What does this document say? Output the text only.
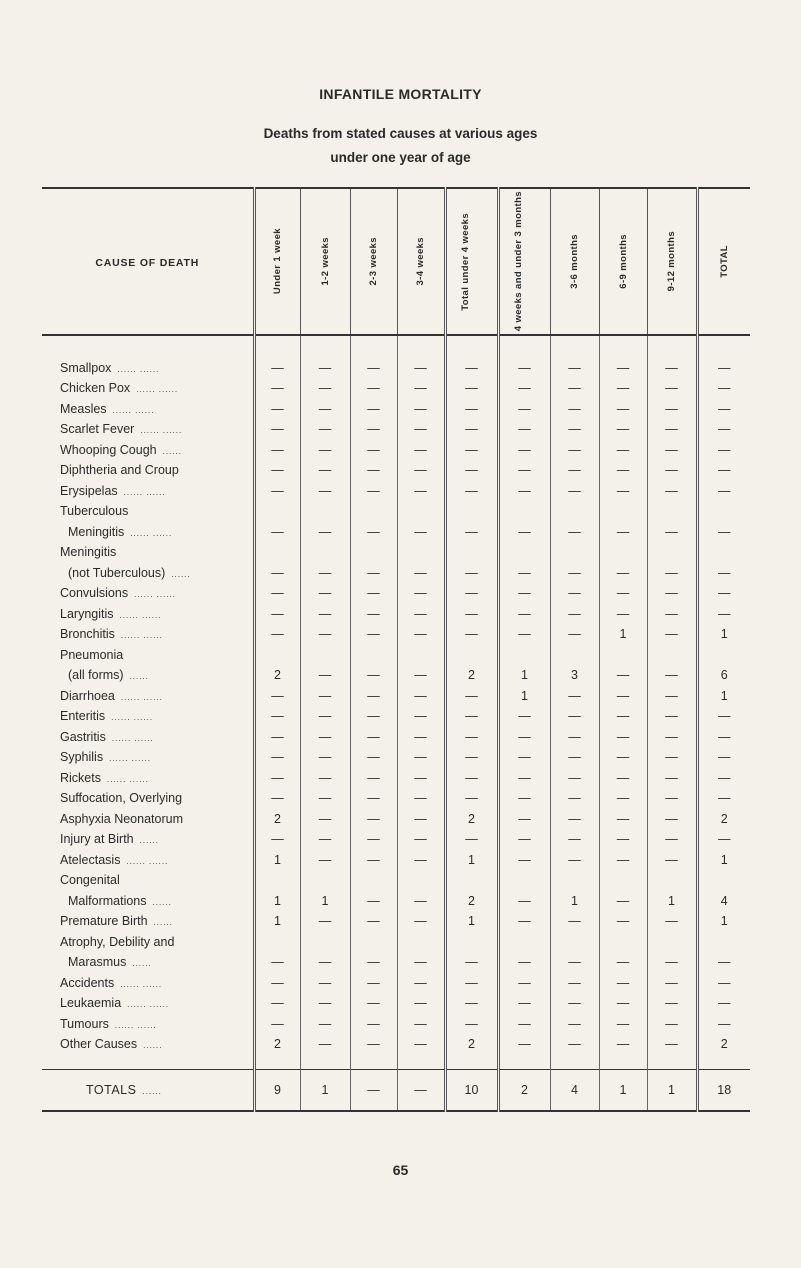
INFANTILE MORTALITY
Deaths from stated causes at various ages
under one year of age
CAUSE OF DEATH	Under 1 week	1-2 weeks	2-3 weeks	3-4 weeks	Total under 4 weeks	4 weeks and under 3 months	3-6 months	6-9 months	9-12 months	TOTAL

Smallpox ...... ......	—	—	—	—	—	—	—	—	—	—
Chicken Pox ...... ......	—	—	—	—	—	—	—	—	—	—
Measles ...... ......	—	—	—	—	—	—	—	—	—	—
Scarlet Fever ...... ......	—	—	—	—	—	—	—	—	—	—
Whooping Cough ......	—	—	—	—	—	—	—	—	—	—
Diphtheria and Croup	—	—	—	—	—	—	—	—	—	—
Erysipelas ...... ......	—	—	—	—	—	—	—	—	—	—
Tuberculous										
Meningitis ...... ......	—	—	—	—	—	—	—	—	—	—
Meningitis										
(not Tuberculous) ......	—	—	—	—	—	—	—	—	—	—
Convulsions ...... ......	—	—	—	—	—	—	—	—	—	—
Laryngitis ...... ......	—	—	—	—	—	—	—	—	—	—
Bronchitis ...... ......	—	—	—	—	—	—	—	1	—	1
Pneumonia										
(all forms) ......	2	—	—	—	2	1	3	—	—	6
Diarrhoea ...... ......	—	—	—	—	—	1	—	—	—	1
Enteritis ...... ......	—	—	—	—	—	—	—	—	—	—
Gastritis ...... ......	—	—	—	—	—	—	—	—	—	—
Syphilis ...... ......	—	—	—	—	—	—	—	—	—	—
Rickets ...... ......	—	—	—	—	—	—	—	—	—	—
Suffocation, Overlying	—	—	—	—	—	—	—	—	—	—
Asphyxia Neonatorum	2	—	—	—	2	—	—	—	—	2
Injury at Birth ......	—	—	—	—	—	—	—	—	—	—
Atelectasis ...... ......	1	—	—	—	1	—	—	—	—	1
Congenital										
Malformations ......	1	1	—	—	2	—	1	—	1	4
Premature Birth ......	1	—	—	—	1	—	—	—	—	1
Atrophy, Debility and										
Marasmus ......	—	—	—	—	—	—	—	—	—	—
Accidents ...... ......	—	—	—	—	—	—	—	—	—	—
Leukaemia ...... ......	—	—	—	—	—	—	—	—	—	—
Tumours ...... ......	—	—	—	—	—	—	—	—	—	—
Other Causes ......	2	—	—	—	2	—	—	—	—	2

TOTALS ......	9	1	—	—	10	2	4	1	1	18
65
